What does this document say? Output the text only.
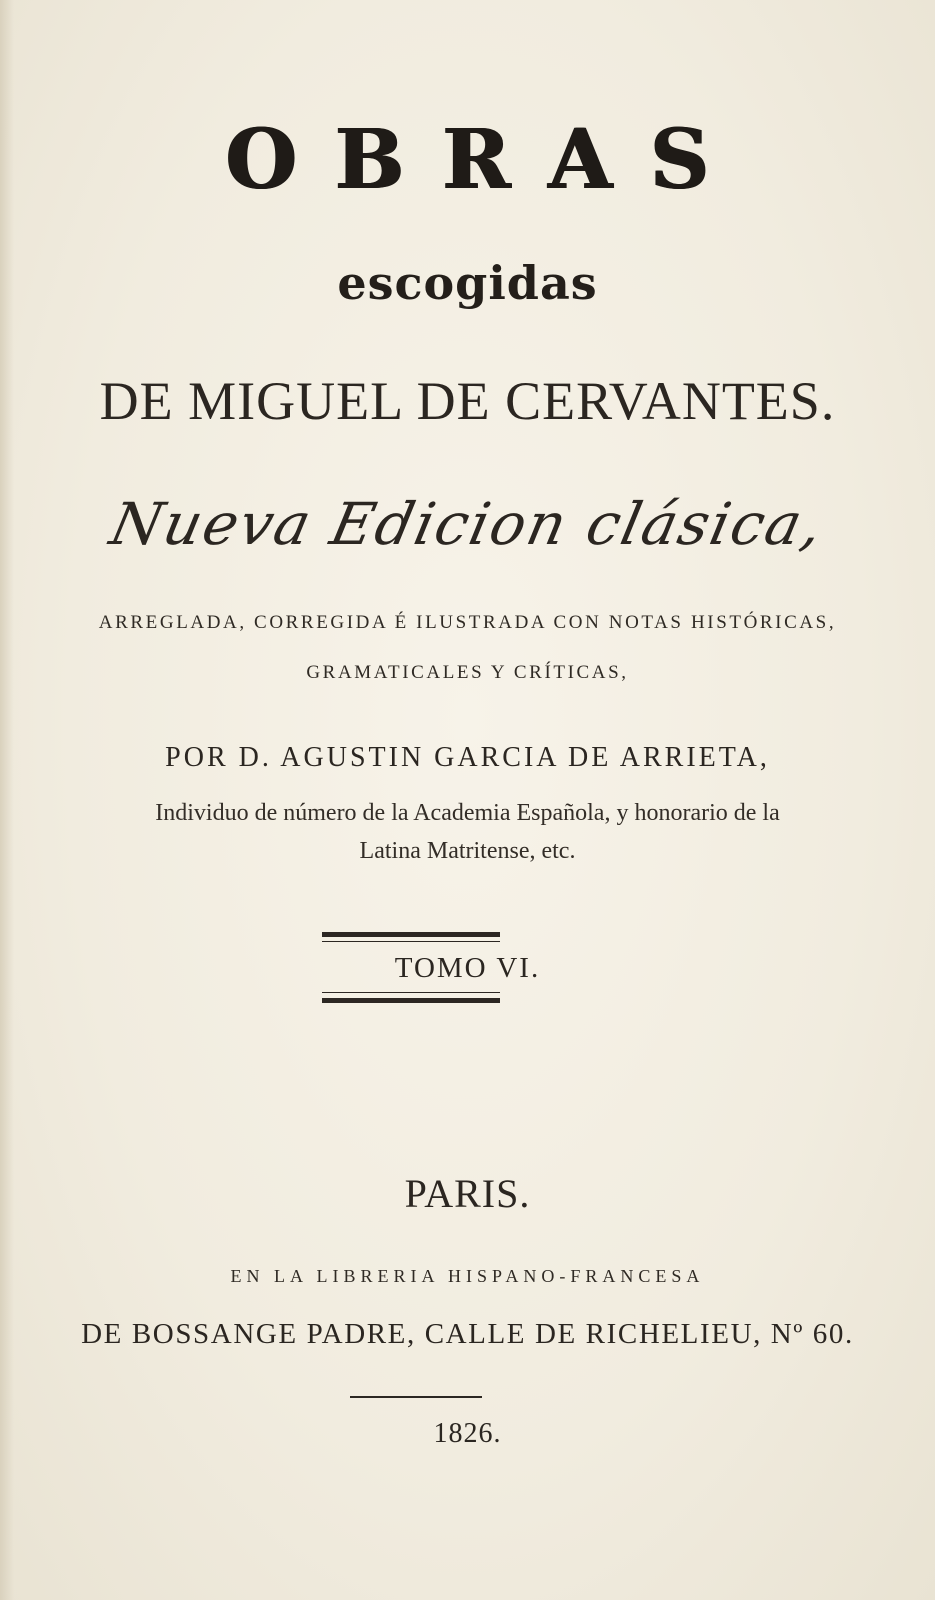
OBRAS
escogidas
DE MIGUEL DE CERVANTES.
Nueva Edicion clásica,
ARREGLADA, CORREGIDA É ILUSTRADA CON NOTAS HISTÓRICAS,
GRAMATICALES Y CRÍTICAS,
POR D. AGUSTIN GARCIA DE ARRIETA,
Individuo de número de la Academia Española, y honorario de la
Latina Matritense, etc.
TOMO VI.
PARIS.
EN LA LIBRERIA HISPANO-FRANCESA
DE BOSSANGE PADRE, CALLE DE RICHELIEU, Nº 60.
1826.
